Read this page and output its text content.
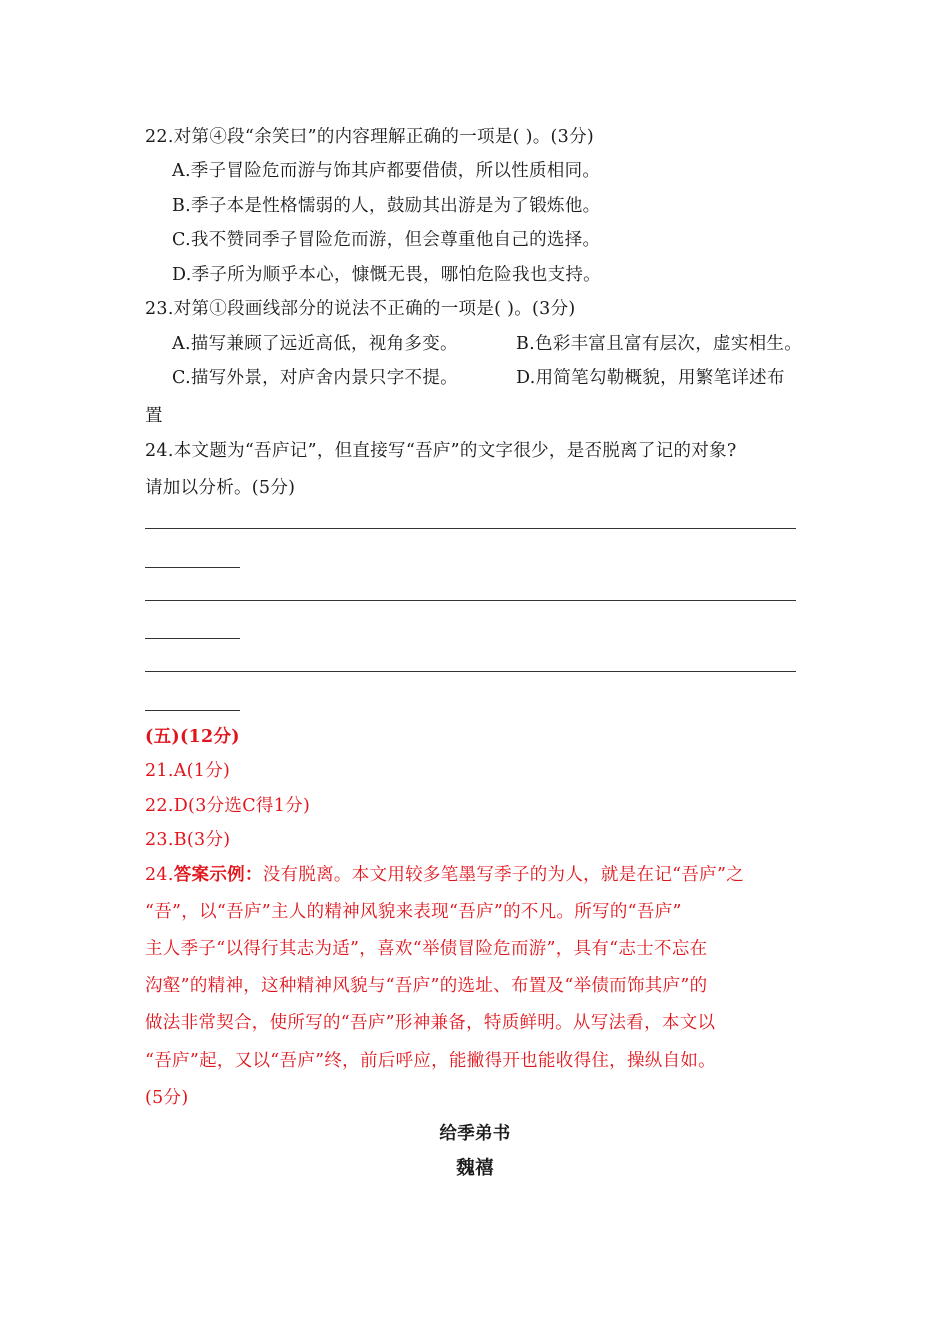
22.对第④段“余笑曰”的内容理解正确的一项是( )。(3分)
A.季子冒险危而游与饰其庐都要借债，所以性质相同。
B.季子本是性格懦弱的人，鼓励其出游是为了锻炼他。
C.我不赞同季子冒险危而游，但会尊重他自己的选择。
D.季子所为顺乎本心，慷慨无畏，哪怕危险我也支持。
23.对第①段画线部分的说法不正确的一项是( )。(3分)
A.描写兼顾了远近高低，视角多变。	B.色彩丰富且富有层次，虚实相生。
C.描写外景，对庐舍内景只字不提。	D.用简笔勾勒概貌，用繁笔详述布
置
24.本文题为“吾庐记”，但直接写“吾庐”的文字很少，是否脱离了记的对象?
请加以分析。(5分)
(五)(12分)
21.A(1分)
22.D(3分选C得1分)
23.B(3分)
24.答案示例：没有脱离。本文用较多笔墨写季子的为人，就是在记“吾庐”之
“吾”，以“吾庐”主人的精神风貌来表现“吾庐”的不凡。所写的“吾庐”
主人季子“以得行其志为适”，喜欢“举债冒险危而游”，具有“志士不忘在
沟壑”的精神，这种精神风貌与“吾庐”的选址、布置及“举债而饰其庐”的
做法非常契合，使所写的“吾庐”形神兼备，特质鲜明。从写法看，本文以
“吾庐”起，又以“吾庐”终，前后呼应，能撇得开也能收得住，操纵自如。
(5分)
给季弟书
魏禧
